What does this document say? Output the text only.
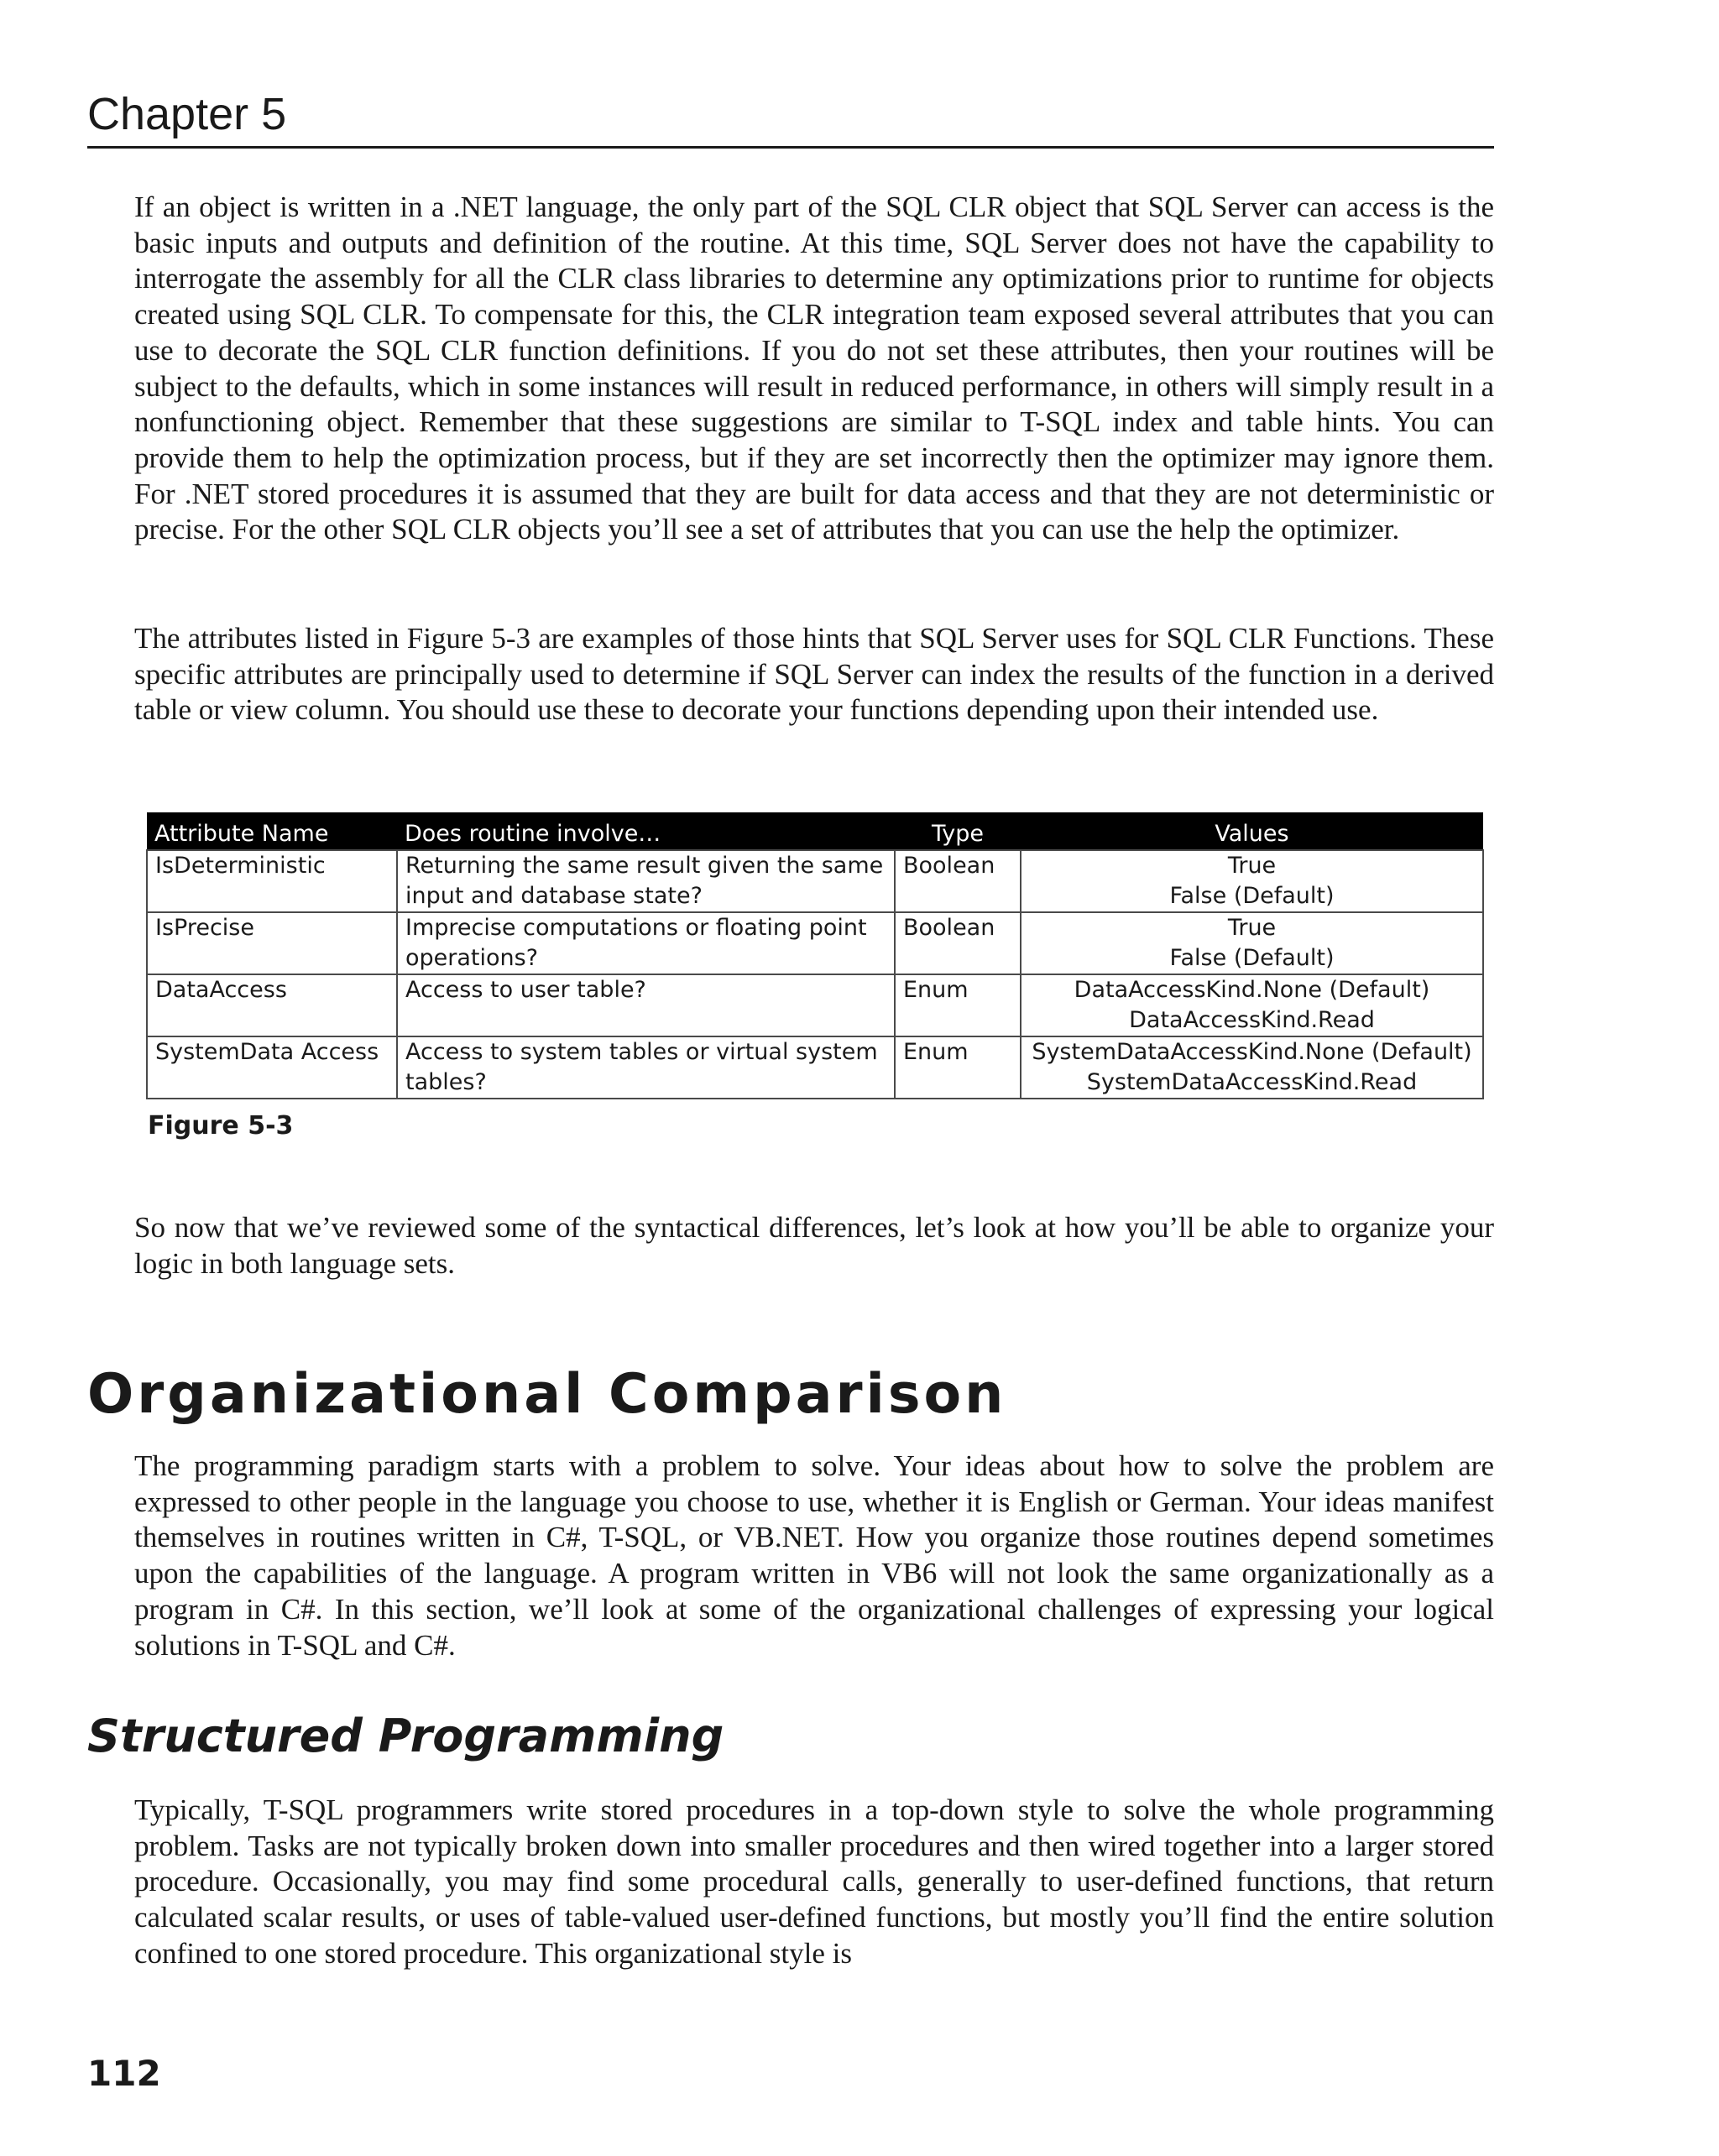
Chapter 5

If an object is written in a .NET language, the only part of the SQL CLR object that SQL Server can access is the basic inputs and outputs and definition of the routine. At this time, SQL Server does not have the capability to interrogate the assembly for all the CLR class libraries to determine any optimizations prior to runtime for objects created using SQL CLR. To compensate for this, the CLR integration team exposed several attributes that you can use to decorate the SQL CLR function definitions. If you do not set these attributes, then your routines will be subject to the defaults, which in some instances will result in reduced performance, in others will simply result in a nonfunctioning object. Remember that these suggestions are similar to T-SQL index and table hints. You can provide them to help the optimization process, but if they are set incorrectly then the optimizer may ignore them. For .NET stored procedures it is assumed that they are built for data access and that they are not deterministic or precise. For the other SQL CLR objects you’ll see a set of attributes that you can use the help the optimizer.

The attributes listed in Figure 5-3 are examples of those hints that SQL Server uses for SQL CLR Functions. These specific attributes are principally used to determine if SQL Server can index the results of the function in a derived table or view column. You should use these to decorate your functions depending upon their intended use.

Attribute Name	Does routine involve…	Type	Values
IsDeterministic	Returning the same result given the same input and database state?	Boolean	True
False (Default)

IsPrecise	Imprecise computations or floating point operations?	Boolean	True
False (Default)

DataAccess	Access to user table?	Enum	DataAccessKind.None (Default)
DataAccessKind.Read

SystemData Access	Access to system tables or virtual system tables?	Enum	SystemDataAccessKind.None (Default)
SystemDataAccessKind.Read
Figure 5-3

So now that we’ve reviewed some of the syntactical differences, let’s look at how you’ll be able to organize your logic in both language sets.

Organizational Comparison

The programming paradigm starts with a problem to solve. Your ideas about how to solve the problem are expressed to other people in the language you choose to use, whether it is English or German. Your ideas manifest themselves in routines written in C#, T-SQL, or VB.NET. How you organize those routines depend sometimes upon the capabilities of the language. A program written in VB6 will not look the same organizationally as a program in C#. In this section, we’ll look at some of the organizational challenges of expressing your logical solutions in T-SQL and C#.

Structured Programming

Typically, T-SQL programmers write stored procedures in a top-down style to solve the whole programming problem. Tasks are not typically broken down into smaller procedures and then wired together into a larger stored procedure. Occasionally, you may find some procedural calls, generally to user-defined functions, that return calculated scalar results, or uses of table-valued user-defined functions, but mostly you’ll find the entire solution confined to one stored procedure. This organizational style is

112
